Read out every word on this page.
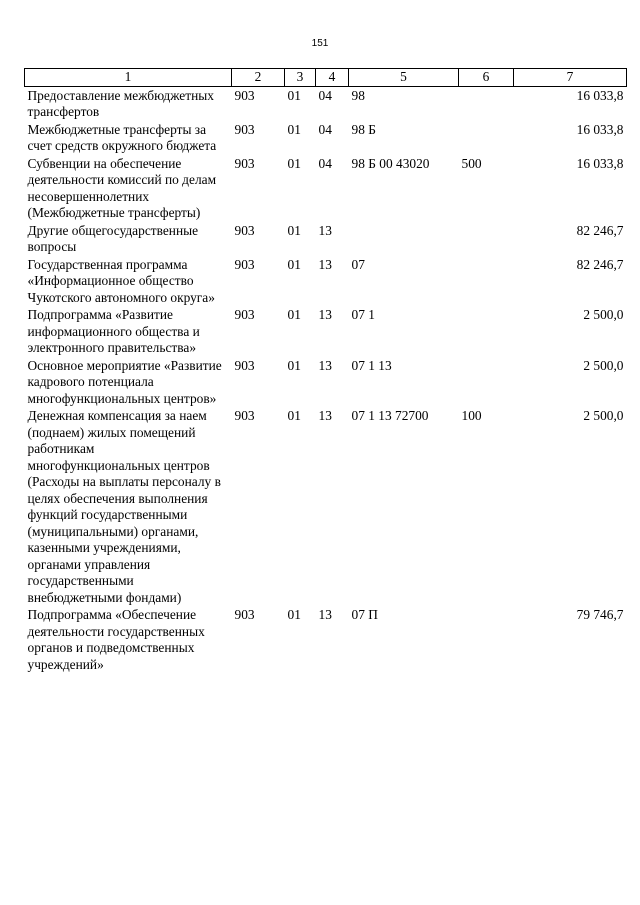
151
1	2	3	4	5	6	7
Предоставление межбюджетных трансфертов	903	01	04	98		16 033,8
Межбюджетные трансферты за счет средств окружного бюджета	903	01	04	98 Б		16 033,8
Субвенции на обеспечение деятельности комиссий по делам несовершеннолетних (Межбюджетные трансферты)	903	01	04	98 Б 00 43020	500	16 033,8
Другие общегосударственные вопросы	903	01	13			82 246,7
Государственная программа «Информационное общество Чукотского автономного округа»	903	01	13	07		82 246,7
Подпрограмма «Развитие информационного общества и электронного правительства»	903	01	13	07 1		2 500,0
Основное мероприятие «Развитие кадрового потенциала многофункциональных центров»	903	01	13	07 1 13		2 500,0
Денежная компенсация за наем (поднаем) жилых помещений работникам многофункциональных центров (Расходы на выплаты персоналу в целях обеспечения выполнения функций государственными (муниципальными) органами, казенными учреждениями, органами управления государственными внебюджетными фондами)	903	01	13	07 1 13 72700	100	2 500,0
Подпрограмма «Обеспечение деятельности государственных органов и подведомственных учреждений»	903	01	13	07 П		79 746,7
